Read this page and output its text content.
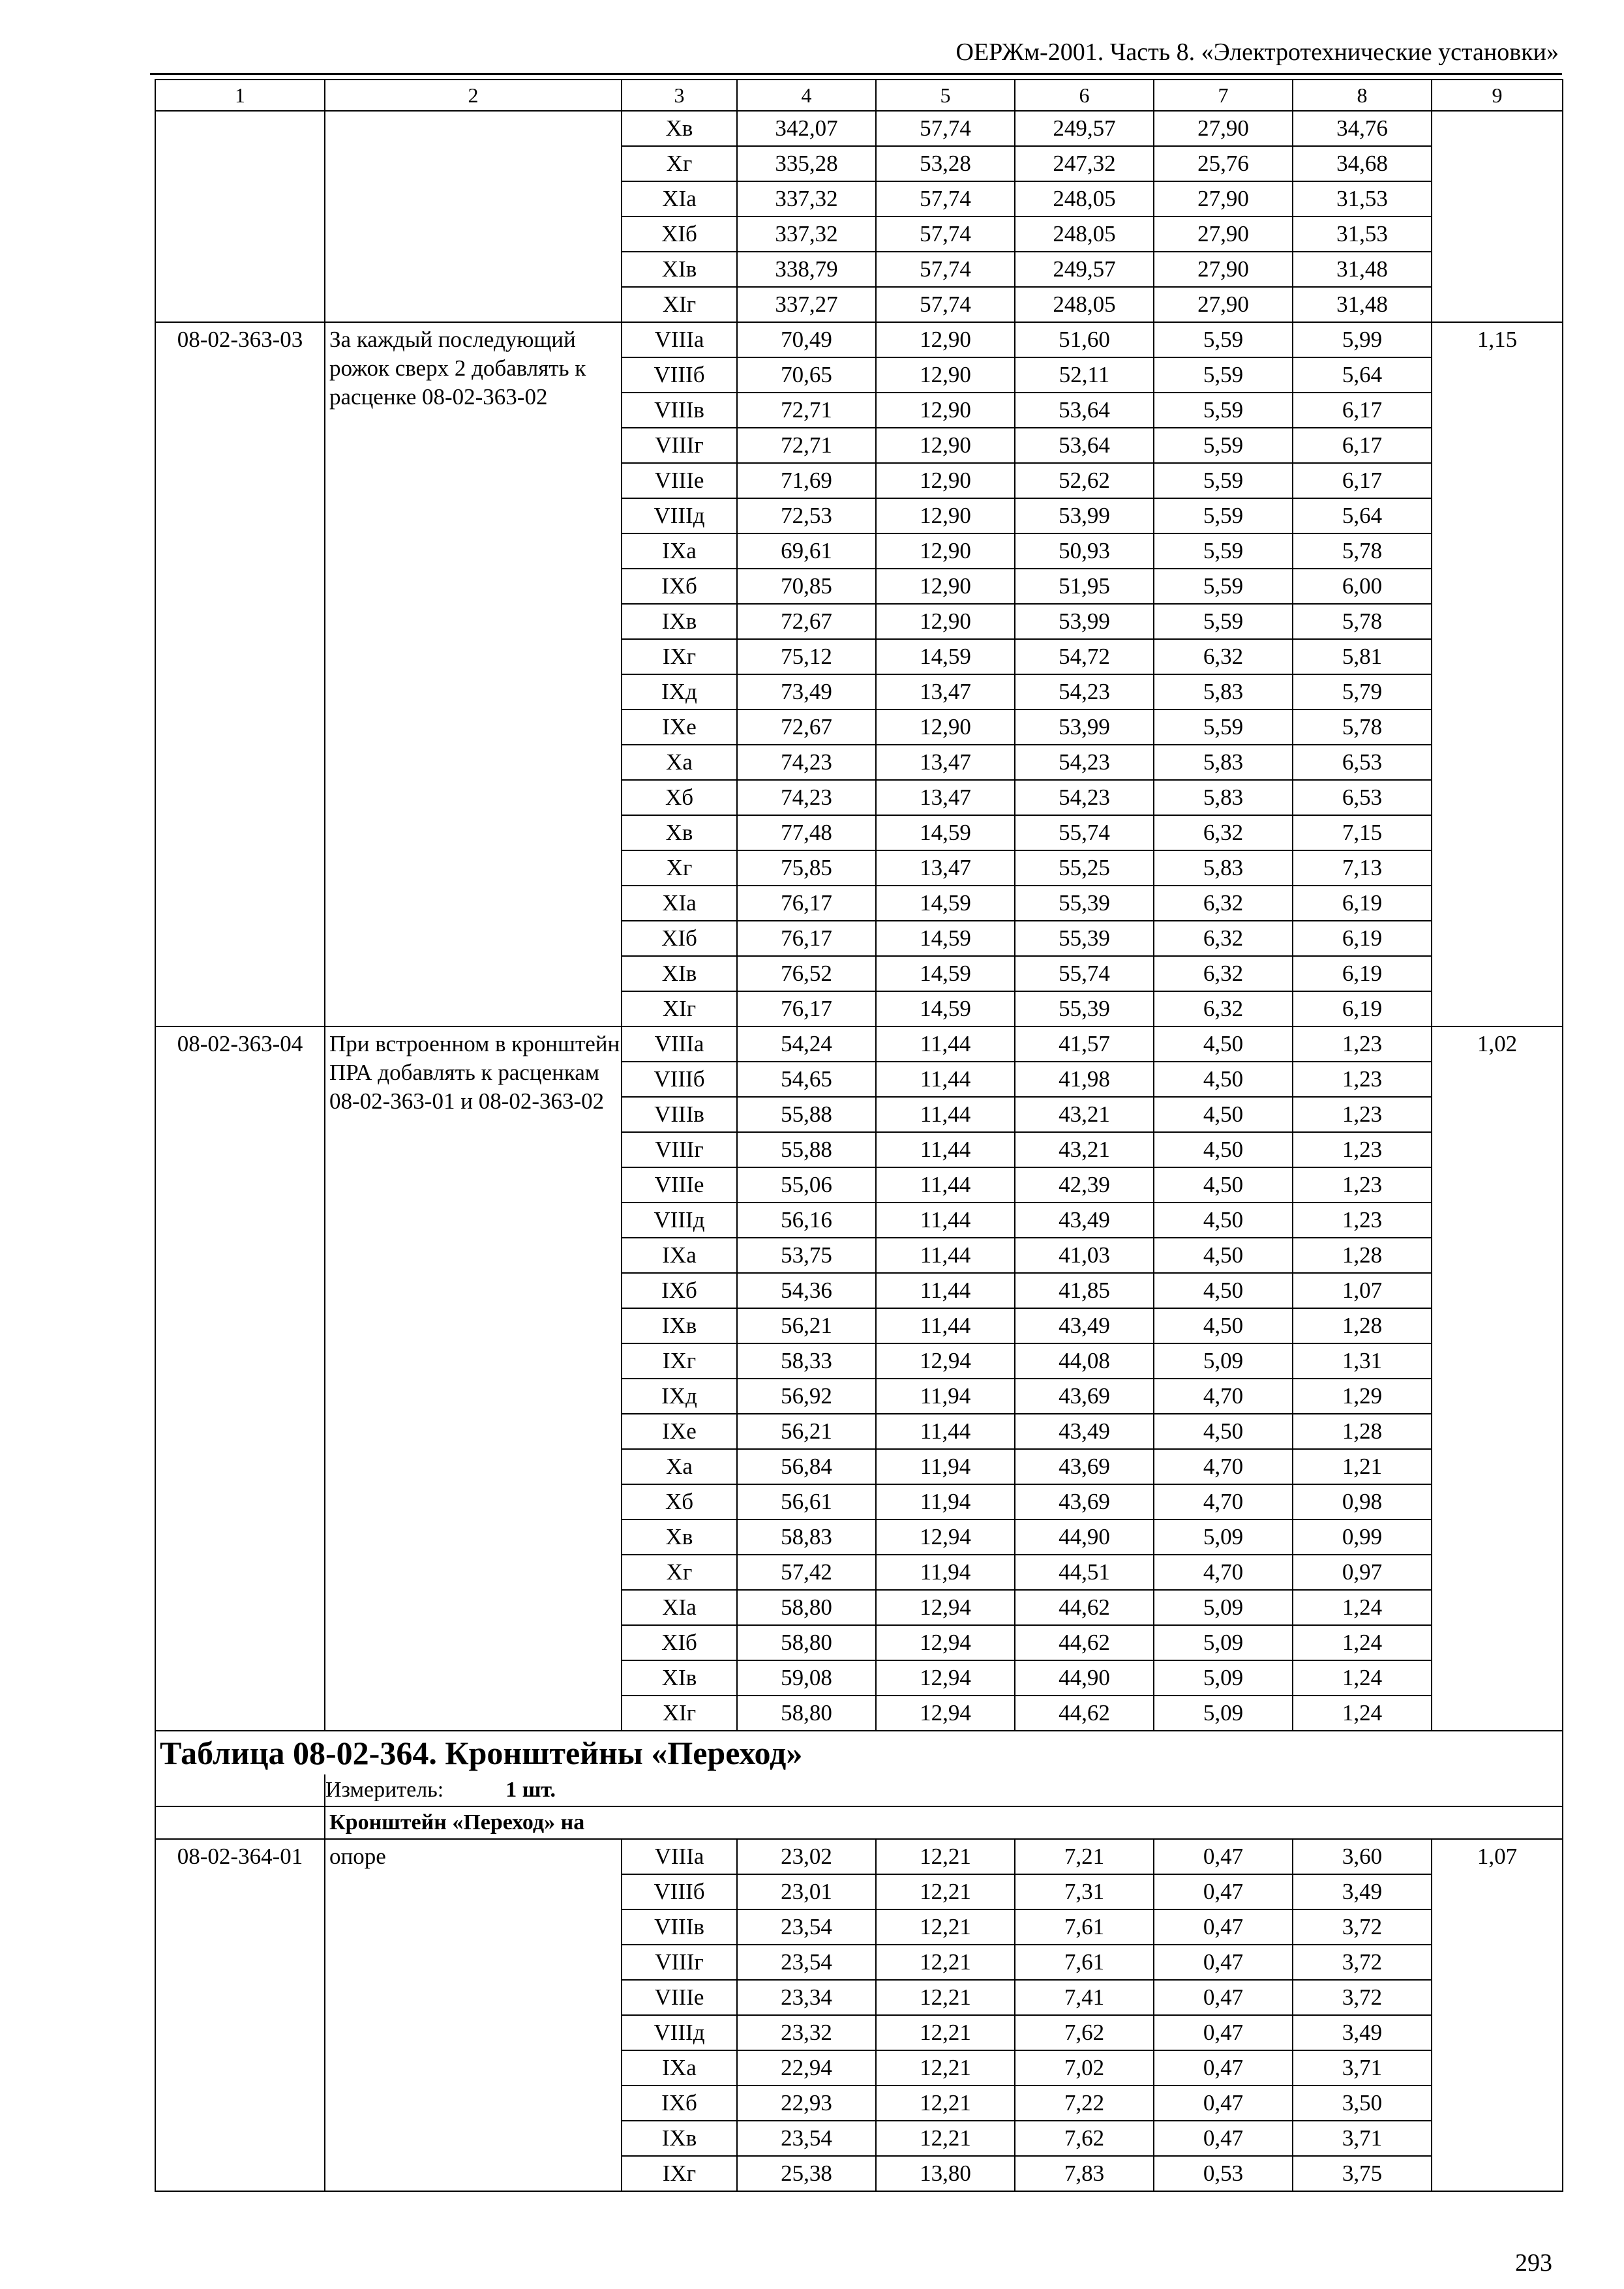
ОЕРЖм-2001. Часть 8. «Электротехнические установки»
1	2	3	4	5	6	7	8	9
		Хв	342,07	57,74	249,57	27,90	34,76	
		Хг	335,28	53,28	247,32	25,76	34,68	
		XIа	337,32	57,74	248,05	27,90	31,53	
		XIб	337,32	57,74	248,05	27,90	31,53	
		XIв	338,79	57,74	249,57	27,90	31,48	
		XIг	337,27	57,74	248,05	27,90	31,48	
08-02-363-03	За каждый последующий рожок сверх 2 добавлять к расценке 08-02-363-02	VIIIа	70,49	12,90	51,60	5,59	5,99	1,15
		VIIIб	70,65	12,90	52,11	5,59	5,64	
		VIIIв	72,71	12,90	53,64	5,59	6,17	
		VIIIг	72,71	12,90	53,64	5,59	6,17	
		VIIIе	71,69	12,90	52,62	5,59	6,17	
		VIIIд	72,53	12,90	53,99	5,59	5,64	
		IХа	69,61	12,90	50,93	5,59	5,78	
		IХб	70,85	12,90	51,95	5,59	6,00	
		IХв	72,67	12,90	53,99	5,59	5,78	
		IХг	75,12	14,59	54,72	6,32	5,81	
		IХд	73,49	13,47	54,23	5,83	5,79	
		IХе	72,67	12,90	53,99	5,59	5,78	
		Ха	74,23	13,47	54,23	5,83	6,53	
		Хб	74,23	13,47	54,23	5,83	6,53	
		Хв	77,48	14,59	55,74	6,32	7,15	
		Хг	75,85	13,47	55,25	5,83	7,13	
		XIа	76,17	14,59	55,39	6,32	6,19	
		XIб	76,17	14,59	55,39	6,32	6,19	
		XIв	76,52	14,59	55,74	6,32	6,19	
		XIг	76,17	14,59	55,39	6,32	6,19	
08-02-363-04	При встроенном в кронштейн ПРА добавлять к расценкам 08-02-363-01 и 08-02-363-02	VIIIа	54,24	11,44	41,57	4,50	1,23	1,02
		VIIIб	54,65	11,44	41,98	4,50	1,23	
		VIIIв	55,88	11,44	43,21	4,50	1,23	
		VIIIг	55,88	11,44	43,21	4,50	1,23	
		VIIIе	55,06	11,44	42,39	4,50	1,23	
		VIIIд	56,16	11,44	43,49	4,50	1,23	
		IХа	53,75	11,44	41,03	4,50	1,28	
		IХб	54,36	11,44	41,85	4,50	1,07	
		IХв	56,21	11,44	43,49	4,50	1,28	
		IХг	58,33	12,94	44,08	5,09	1,31	
		IХд	56,92	11,94	43,69	4,70	1,29	
		IХе	56,21	11,44	43,49	4,50	1,28	
		Ха	56,84	11,94	43,69	4,70	1,21	
		Хб	56,61	11,94	43,69	4,70	0,98	
		Хв	58,83	12,94	44,90	5,09	0,99	
		Хг	57,42	11,94	44,51	4,70	0,97	
		XIа	58,80	12,94	44,62	5,09	1,24	
		XIб	58,80	12,94	44,62	5,09	1,24	
		XIв	59,08	12,94	44,90	5,09	1,24	
		XIг	58,80	12,94	44,62	5,09	1,24	
Таблица 08-02-364. Кронштейны «Переход»								
	Измеритель: 1 шт.							
	Кронштейн «Переход» на							
08-02-364-01	опоре	VIIIа	23,02	12,21	7,21	0,47	3,60	1,07
		VIIIб	23,01	12,21	7,31	0,47	3,49	
		VIIIв	23,54	12,21	7,61	0,47	3,72	
		VIIIг	23,54	12,21	7,61	0,47	3,72	
		VIIIе	23,34	12,21	7,41	0,47	3,72	
		VIIIд	23,32	12,21	7,62	0,47	3,49	
		IХа	22,94	12,21	7,02	0,47	3,71	
		IХб	22,93	12,21	7,22	0,47	3,50	
		IХв	23,54	12,21	7,62	0,47	3,71	
		IХг	25,38	13,80	7,83	0,53	3,75	
293
